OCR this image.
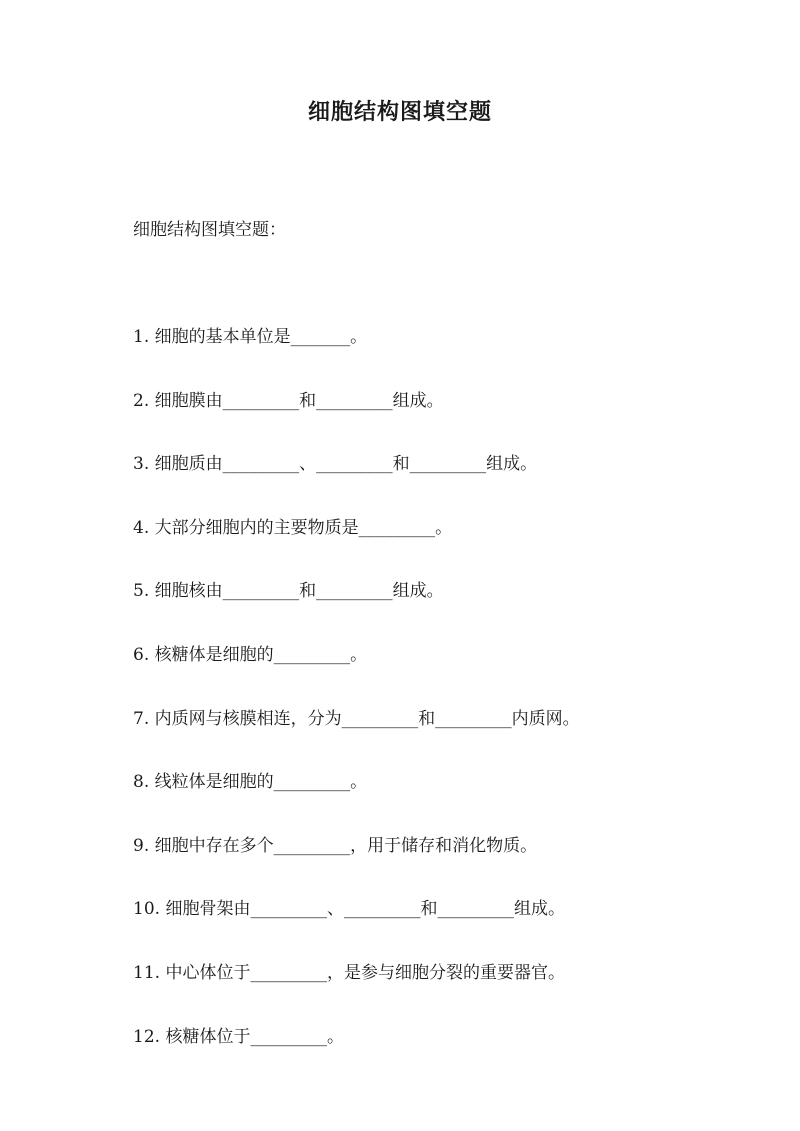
细胞结构图填空题
细胞结构图填空题：
1. 细胞的基本单位是_______。
2. 细胞膜由_________和_________组成。
3. 细胞质由_________、_________和_________组成。
4. 大部分细胞内的主要物质是_________。
5. 细胞核由_________和_________组成。
6. 核糖体是细胞的_________。
7. 内质网与核膜相连，分为_________和_________内质网。
8. 线粒体是细胞的_________。
9. 细胞中存在多个_________，用于储存和消化物质。
10. 细胞骨架由_________、_________和_________组成。
11. 中心体位于_________，是参与细胞分裂的重要器官。
12. 核糖体位于_________。
